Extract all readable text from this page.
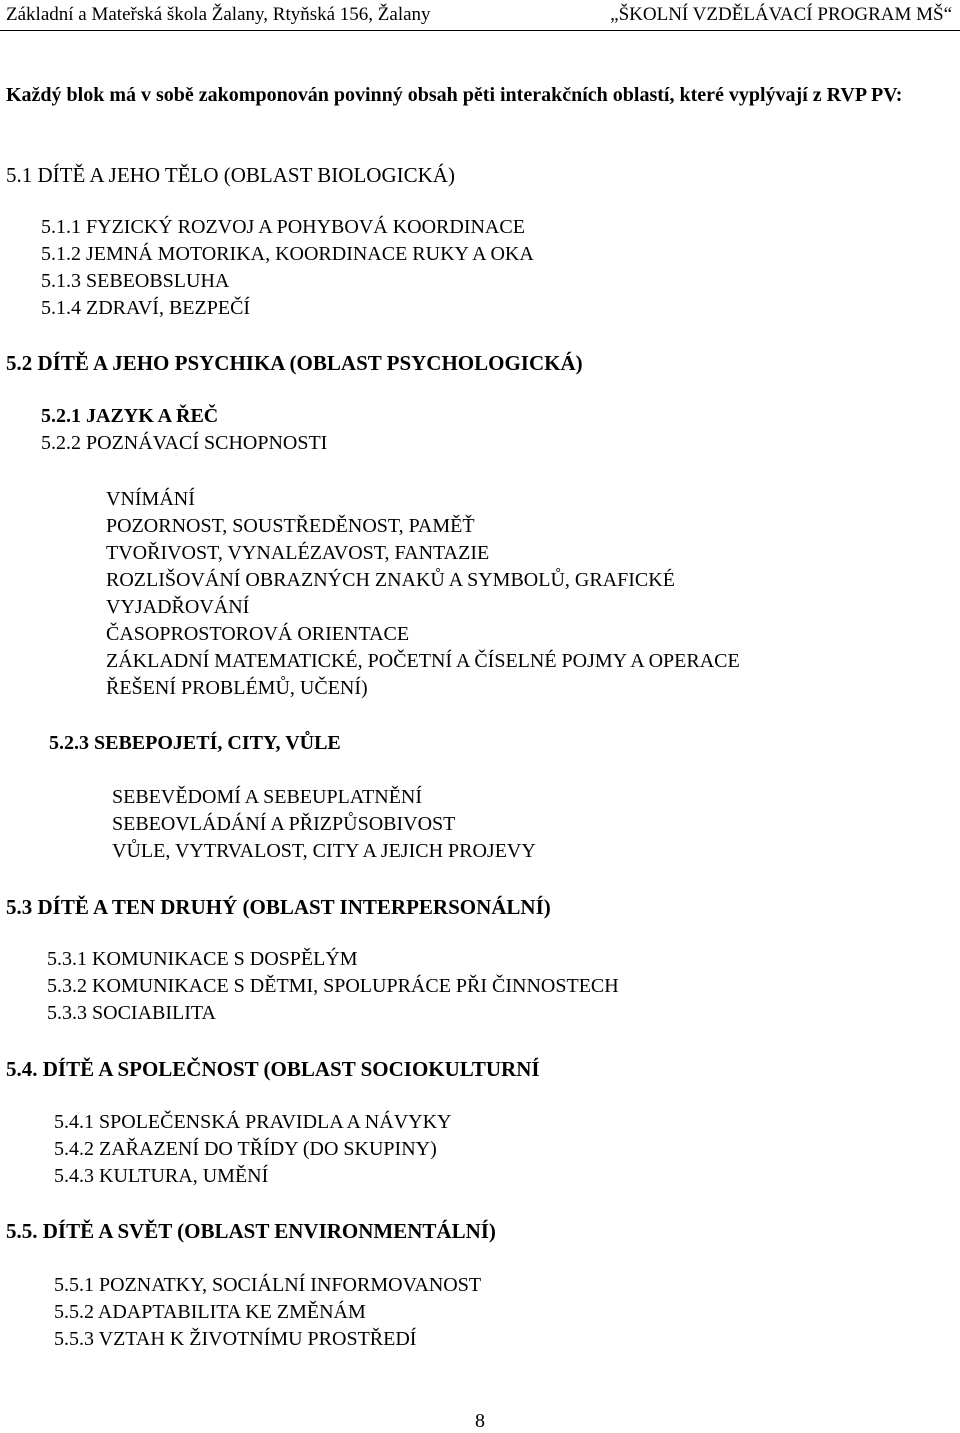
Základní a Mateřská škola Žalany, Rtyňská 156, Žalany	„ŠKOLNÍ VZDĚLÁVACÍ PROGRAM MŠ“
Každý blok má v sobě zakomponován povinný obsah pěti interakčních oblastí, které vyplývají z RVP PV:
5.1 DÍTĚ A JEHO TĚLO (OBLAST BIOLOGICKÁ)
5.1.1 FYZICKÝ ROZVOJ A POHYBOVÁ KOORDINACE
5.1.2 JEMNÁ MOTORIKA, KOORDINACE RUKY A OKA
5.1.3 SEBEOBSLUHA
5.1.4 ZDRAVÍ, BEZPEČÍ
5.2 DÍTĚ A JEHO PSYCHIKA (OBLAST PSYCHOLOGICKÁ)
5.2.1 JAZYK A ŘEČ
5.2.2 POZNÁVACÍ SCHOPNOSTI
VNÍMÁNÍ
POZORNOST, SOUSTŘEDĚNOST, PAMĚŤ
TVOŘIVOST, VYNALÉZAVOST, FANTAZIE
ROZLIŠOVÁNÍ OBRAZNÝCH ZNAKŮ A SYMBOLŮ, GRAFICKÉ
VYJADŘOVÁNÍ
ČASOPROSTOROVÁ ORIENTACE
ZÁKLADNÍ MATEMATICKÉ, POČETNÍ A ČÍSELNÉ POJMY A OPERACE
ŘEŠENÍ PROBLÉMŮ, UČENÍ)
5.2.3 SEBEPOJETÍ, CITY, VŮLE
SEBEVĚDOMÍ A SEBEUPLATNĚNÍ
SEBEOVLÁDÁNÍ A PŘIZPŮSOBIVOST
VŮLE, VYTRVALOST, CITY A JEJICH PROJEVY
5.3 DÍTĚ A TEN DRUHÝ (OBLAST INTERPERSONÁLNÍ)
5.3.1 KOMUNIKACE S DOSPĚLÝM
5.3.2 KOMUNIKACE S DĚTMI, SPOLUPRÁCE PŘI ČINNOSTECH
5.3.3 SOCIABILITA
5.4. DÍTĚ A SPOLEČNOST (OBLAST SOCIOKULTURNÍ
5.4.1 SPOLEČENSKÁ PRAVIDLA A NÁVYKY
5.4.2 ZAŘAZENÍ DO TŘÍDY (DO SKUPINY)
5.4.3 KULTURA, UMĚNÍ
5.5. DÍTĚ A SVĚT (OBLAST ENVIRONMENTÁLNÍ)
5.5.1 POZNATKY, SOCIÁLNÍ INFORMOVANOST
5.5.2 ADAPTABILITA KE ZMĚNÁM
5.5.3 VZTAH K ŽIVOTNÍMU PROSTŘEDÍ
8
